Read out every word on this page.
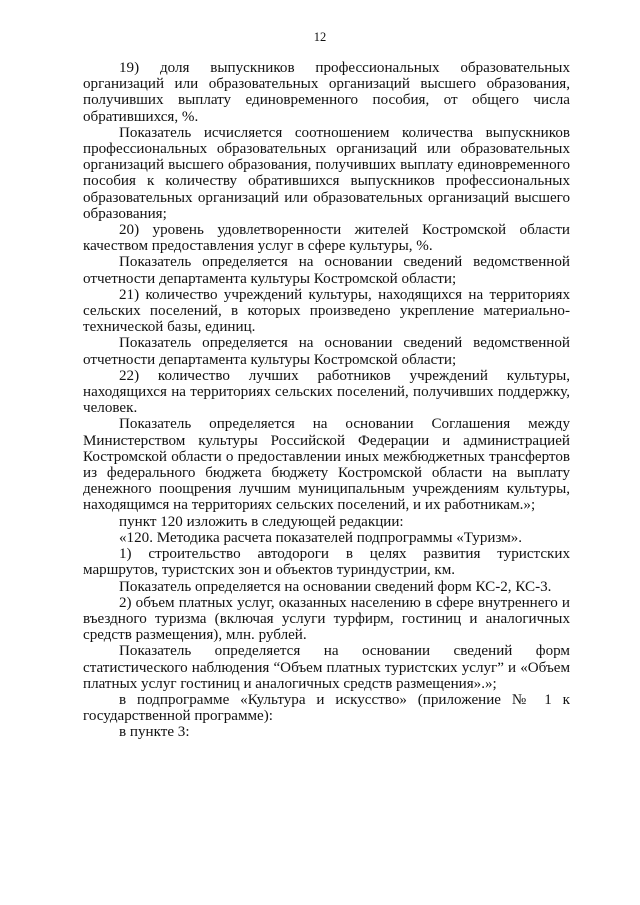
12

19) доля выпускников профессиональных образовательных организаций или образовательных организаций высшего образования, получивших выплату единовременного пособия, от общего числа обратившихся, %.

Показатель исчисляется соотношением количества выпускников профессиональных образовательных организаций или образовательных организаций высшего образования, получивших выплату единовременного пособия к количеству обратившихся выпускников профессиональных образовательных организаций или образовательных организаций высшего образования;

20) уровень удовлетворенности жителей Костромской области качеством предоставления услуг в сфере культуры, %.

Показатель определяется на основании сведений ведомственной отчетности департамента культуры Костромской области;

21) количество учреждений культуры, находящихся на территориях сельских поселений, в которых произведено укрепление материально-технической базы, единиц.

Показатель определяется на основании сведений ведомственной отчетности департамента культуры Костромской области;

22) количество лучших работников учреждений культуры, находящихся на территориях сельских поселений, получивших поддержку, человек.

Показатель определяется на основании Соглашения между Министерством культуры Российской Федерации и администрацией Костромской области о предоставлении иных межбюджетных трансфертов из федерального бюджета бюджету Костромской области на выплату денежного поощрения лучшим муниципальным учреждениям культуры, находящимся на территориях сельских поселений, и их работникам.»;

пункт 120 изложить в следующей редакции:

«120. Методика расчета показателей подпрограммы «Туризм».

1) строительство автодороги в целях развития туристских маршрутов, туристских зон и объектов туриндустрии, км.

Показатель определяется на основании сведений форм КС-2, КС-3.

2) объем платных услуг, оказанных населению в сфере внутреннего и въездного туризма (включая услуги турфирм, гостиниц и аналогичных средств размещения), млн. рублей.

Показатель определяется на основании сведений форм статистического наблюдения “Объем платных туристских услуг” и «Объем платных услуг гостиниц и аналогичных средств размещения».»;

в подпрограмме «Культура и искусство» (приложение № 1 к государственной программе):

в пункте 3:
